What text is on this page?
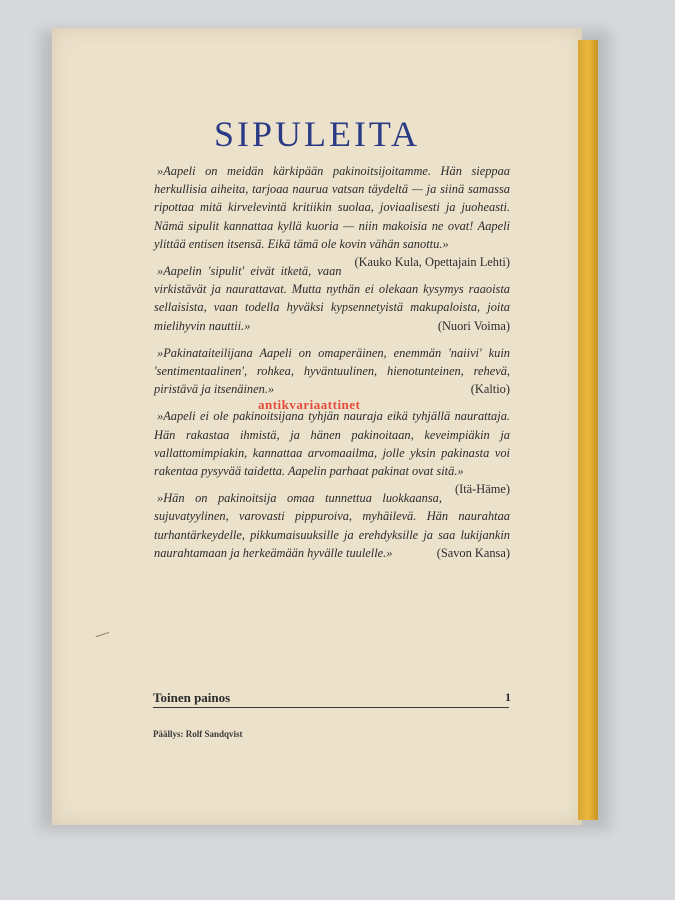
SIPULEITA

»Aapeli on meidän kärkipään pakinoitsijoitamme. Hän sieppaa herkullisia aiheita, tarjoaa naurua vatsan täydeltä — ja siinä samassa ripottaa mitä kirvelevintä kritiikin suolaa, joviaalisesti ja juoheasti. Nämä sipulit kannattaa kyllä kuoria — niin makoisia ne ovat! Aapeli ylittää entisen itsensä. Eikä tämä ole kovin vähän sanottu.»
(Kauko Kula, Opettajain Lehti)

»Aapelin 'sipulit' eivät itketä, vaan virkistävät ja naurattavat. Mutta nythän ei olekaan kysymys raaoista sellaisista, vaan todella hyväksi kypsennetyistä makupaloista, joita mielihyvin nauttii.»	(Nuori Voima)

»Pakinataiteilijana Aapeli on omaperäinen, enemmän 'naiivi' kuin 'sentimentaalinen', rohkea, hyväntuulinen, hienotunteinen, rehevä, piristävä ja itsenäinen.»	(Kaltio)

»Aapeli ei ole pakinoitsijana tyhjän nauraja eikä tyhjällä naurattaja. Hän rakastaa ihmistä, ja hänen pakinoitaan, keveimpiäkin ja vallattomimpiakin, kannattaa arvomaailma, jolle yksin pakinasta voi rakentaa pysyvää taidetta. Aapelin parhaat pakinat ovat sitä.»
(Itä-Häme)

»Hän on pakinoitsija omaa tunnettua luokkaansa, sujuvatyylinen, varovasti pippuroiva, myhäilevä. Hän naurahtaa turhantärkeydelle, pikkumaisuuksille ja erehdyksille ja saa lukijankin naurahtamaan ja herkeämään hyvälle tuulelle.»	(Savon Kansa)

antikvariaattinet
Toinen painos	1
Päällys: Rolf Sandqvist
